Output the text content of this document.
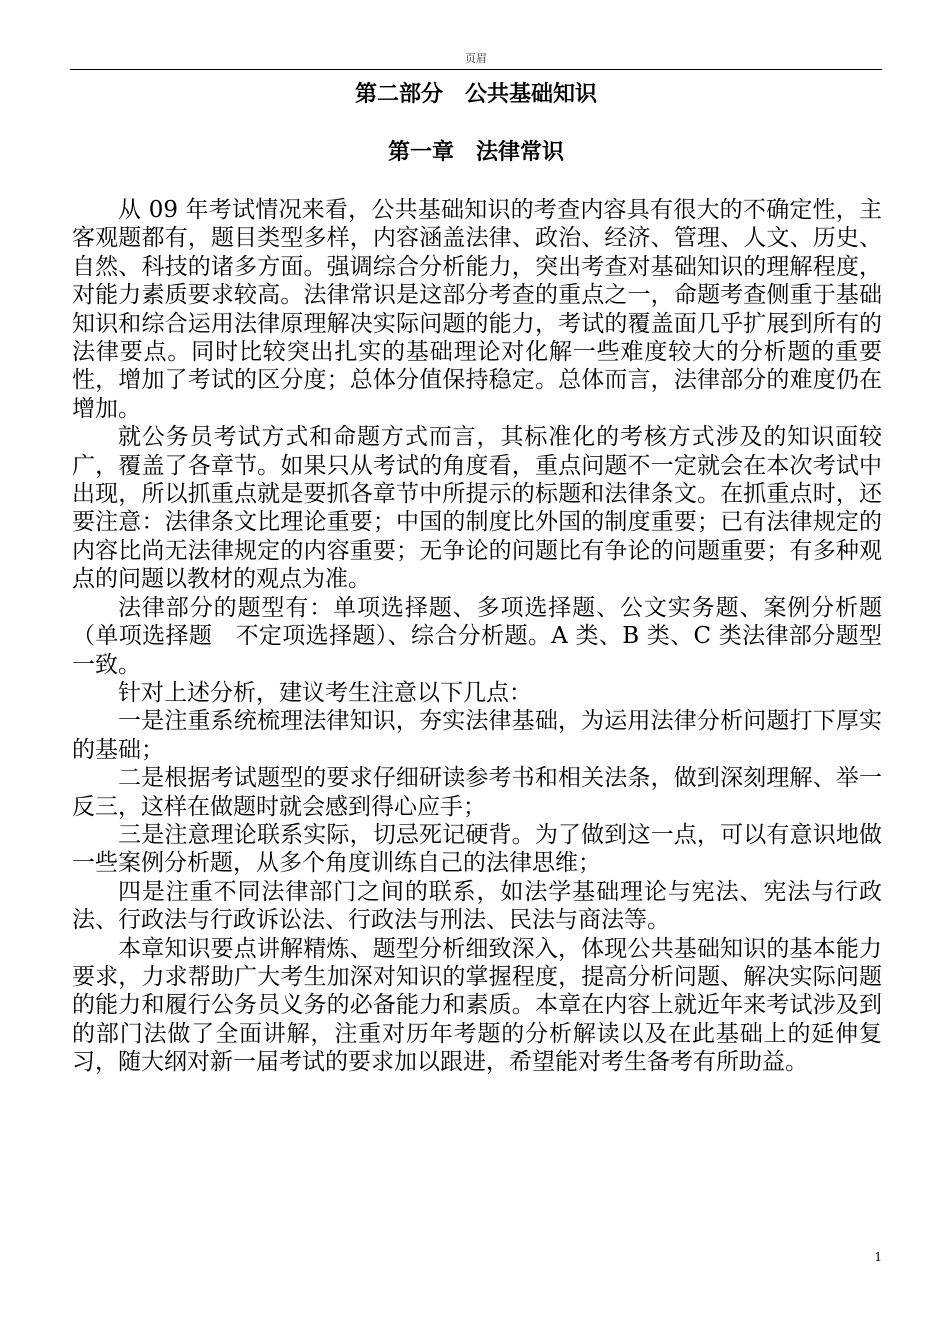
页眉
第二部分　公共基础知识
第一章　法律常识

从 09 年考试情况来看，公共基础知识的考查内容具有很大的不确定性，主客观题都有，题目类型多样，内容涵盖法律、政治、经济、管理、人文、历史、自然、科技的诸多方面。强调综合分析能力，突出考查对基础知识的理解程度，对能力素质要求较高。法律常识是这部分考查的重点之一，命题考查侧重于基础知识和综合运用法律原理解决实际问题的能力，考试的覆盖面几乎扩展到所有的法律要点。同时比较突出扎实的基础理论对化解一些难度较大的分析题的重要性，增加了考试的区分度；总体分值保持稳定。总体而言，法律部分的难度仍在增加。

就公务员考试方式和命题方式而言，其标准化的考核方式涉及的知识面较广，覆盖了各章节。如果只从考试的角度看，重点问题不一定就会在本次考试中出现，所以抓重点就是要抓各章节中所提示的标题和法律条文。在抓重点时，还要注意：法律条文比理论重要；中国的制度比外国的制度重要；已有法律规定的内容比尚无法律规定的内容重要；无争论的问题比有争论的问题重要；有多种观点的问题以教材的观点为准。

法律部分的题型有：单项选择题、多项选择题、公文实务题、案例分析题（单项选择题　不定项选择题）、综合分析题。A 类、B 类、C 类法律部分题型一致。

针对上述分析，建议考生注意以下几点：

一是注重系统梳理法律知识，夯实法律基础，为运用法律分析问题打下厚实的基础；

二是根据考试题型的要求仔细研读参考书和相关法条，做到深刻理解、举一反三，这样在做题时就会感到得心应手；

三是注意理论联系实际，切忌死记硬背。为了做到这一点，可以有意识地做一些案例分析题，从多个角度训练自己的法律思维；

四是注重不同法律部门之间的联系，如法学基础理论与宪法、宪法与行政法、行政法与行政诉讼法、行政法与刑法、民法与商法等。

本章知识要点讲解精炼、题型分析细致深入，体现公共基础知识的基本能力要求，力求帮助广大考生加深对知识的掌握程度，提高分析问题、解决实际问题的能力和履行公务员义务的必备能力和素质。本章在内容上就近年来考试涉及到的部门法做了全面讲解，注重对历年考题的分析解读以及在此基础上的延伸复习，随大纲对新一届考试的要求加以跟进，希望能对考生备考有所助益。

1
